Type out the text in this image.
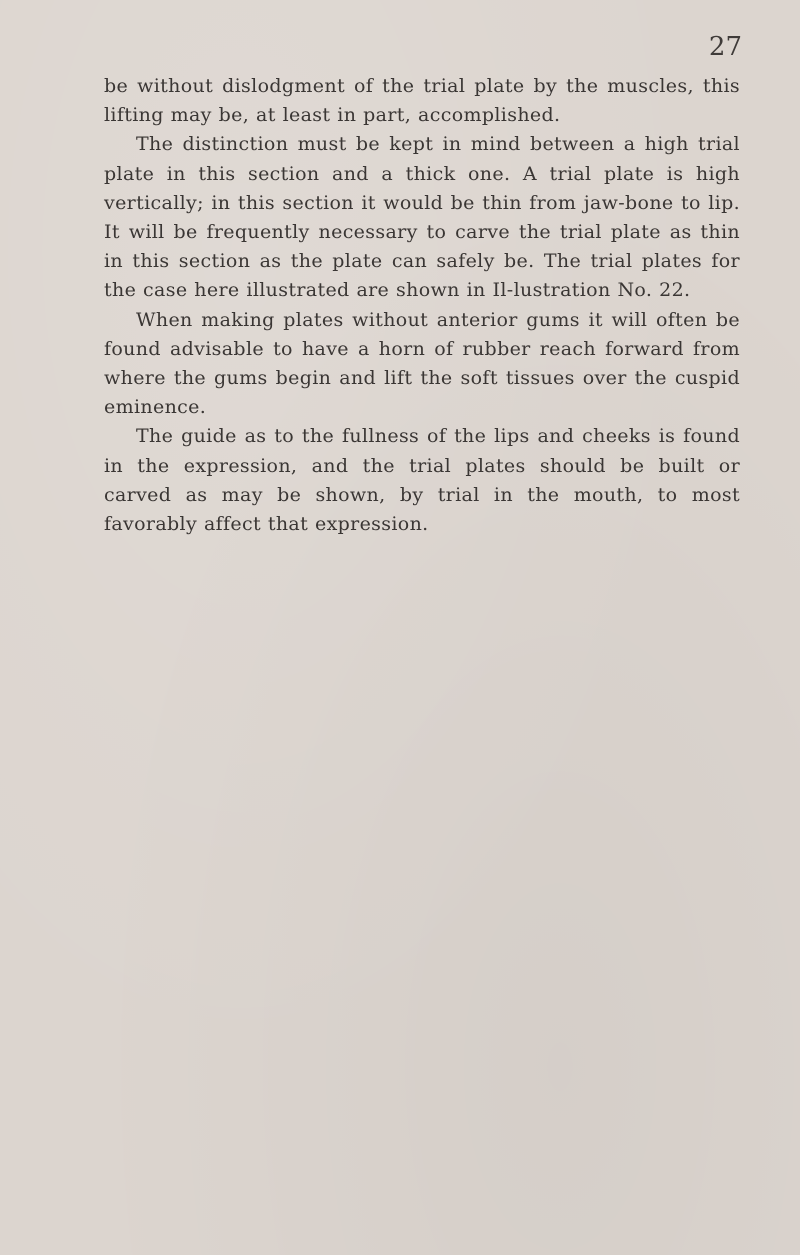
27

be without dislodgment of the trial plate by the muscles, this lifting may be, at least in part, accomplished.

The distinction must be kept in mind between a high trial plate in this section and a thick one. A trial plate is high vertically; in this section it would be thin from jaw-bone to lip. It will be frequently necessary to carve the trial plate as thin in this section as the plate can safely be. The trial plates for the case here illustrated are shown in Il-lustration No. 22.

When making plates without anterior gums it will often be found advisable to have a horn of rubber reach forward from where the gums begin and lift the soft tissues over the cuspid eminence.

The guide as to the fullness of the lips and cheeks is found in the expression, and the trial plates should be built or carved as may be shown, by trial in the mouth, to most favorably affect that expression.
